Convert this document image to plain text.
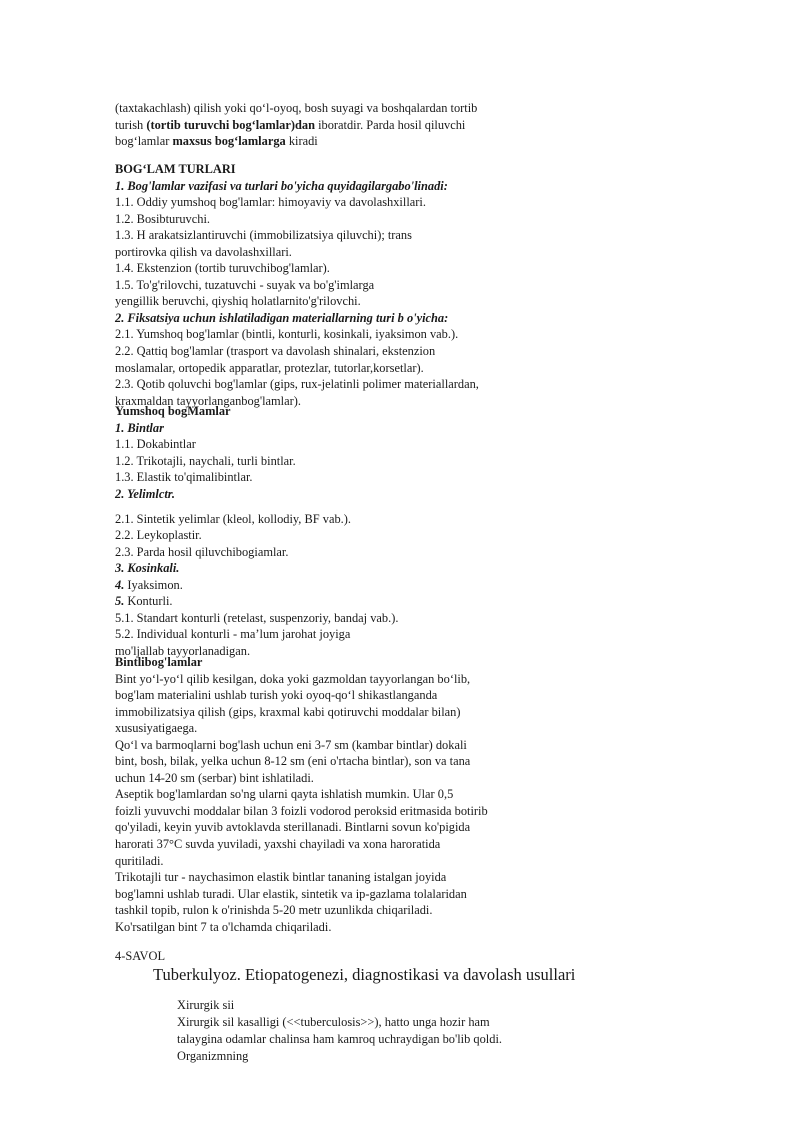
(taxtakachlash) qilish yoki qo‘l-oyoq, bosh suyagi va boshqalardan tortib
turish (tortib turuvchi bog‘lamlar)dan iboratdir. Parda hosil qiluvchi
bog‘lamlar maxsus bog‘lamlarga kiradi
BOG‘LAM TURLARI
1. Bog'lamlar vazifasi va turlari bo'yicha quyidagilargabo'linadi:
1.1. Oddiy yumshoq bog'lamlar: himoyaviy va davolashxillari.
1.2. Bosibturuvchi.
1.3. H arakatsizlantiruvchi (immobilizatsiya qiluvchi); trans
portirovka qilish va davolashxillari.
1.4. Ekstenzion (tortib turuvchibog'lamlar).
1.5. To'g'rilovchi, tuzatuvchi - suyak va bo'g'imlarga
yengillik beruvchi, qiyshiq holatlarnito'g'rilovchi.
2. Fiksatsiya uchun ishlatiladigan materiallarning turi b o'yicha:
2.1. Yumshoq bog'lamlar (bintli, konturli, kosinkali, iyaksimon vab.).
2.2. Qattiq bog'lamlar (trasport va davolash shinalari, ekstenzion
moslamalar, ortopedik apparatlar, protezlar, tutorlar,korsetlar).
2.3. Qotib qoluvchi bog'lamlar (gips, rux-jelatinli polimer materiallardan,
kraxmaldan tayyorlanganbog'lamlar).
Yumshoq bogMamlar
1. Bintlar
1.1. Dokabintlar
1.2. Trikotajli, naychali, turli bintlar.
1.3. Elastik to'qimalibintlar.
2. Yelimlctr.
2.1. Sintetik yelimlar (kleol, kollodiy, BF vab.).
2.2. Leykoplastir.
2.3. Parda hosil qiluvchibogiamlar.
3. Kosinkali.
4. Iyaksimon.
5. Konturli.
5.1. Standart konturli (retelast, suspenzoriy, bandaj vab.).
5.2. Individual konturli - ma’lum jarohat joyiga
mo'ljallab tayyorlanadigan.
Bintlibog'lamlar
Bint yo‘l-yo‘l qilib kesilgan, doka yoki gazmoldan tayyorlangan bo‘lib,
bog'lam materialini ushlab turish yoki oyoq-qo‘l shikastlanganda
immobilizatsiya qilish (gips, kraxmal kabi qotiruvchi moddalar bilan)
xususiyatigaega.
Qo‘l va barmoqlarni bog'lash uchun eni 3-7 sm (kambar bintlar) dokali
bint, bosh, bilak, yelka uchun 8-12 sm (eni o'rtacha bintlar), son va tana
uchun 14-20 sm (serbar) bint ishlatiladi.
Aseptik bog'lamlardan so'ng ularni qayta ishlatish mumkin. Ular 0,5
foizli yuvuvchi moddalar bilan 3 foizli vodorod peroksid eritmasida botirib
qo'yiladi, keyin yuvib avtoklavda sterillanadi. Bintlarni sovun ko'pigida
harorati 37°C suvda yuviladi, yaxshi chayiladi va xona haroratida
quritiladi.
Trikotajli tur - naychasimon elastik bintlar tananing istalgan joyida
bog'lamni ushlab turadi. Ular elastik, sintetik va ip-gazlama tolalaridan
tashkil topib, rulon k o'rinishda 5-20 metr uzunlikda chiqariladi.
Ko'rsatilgan bint 7 ta o'lchamda chiqariladi.
4-SAVOL
Tuberkulyoz. Etiopatogenezi, diagnostikasi va davolash usullari
Xirurgik sii
Xirurgik sil kasalligi (<<tuberculosis>>), hatto unga hozir ham
talaygina odamlar chalinsa ham kamroq uchraydigan bo'lib qoldi.
Organizmning
